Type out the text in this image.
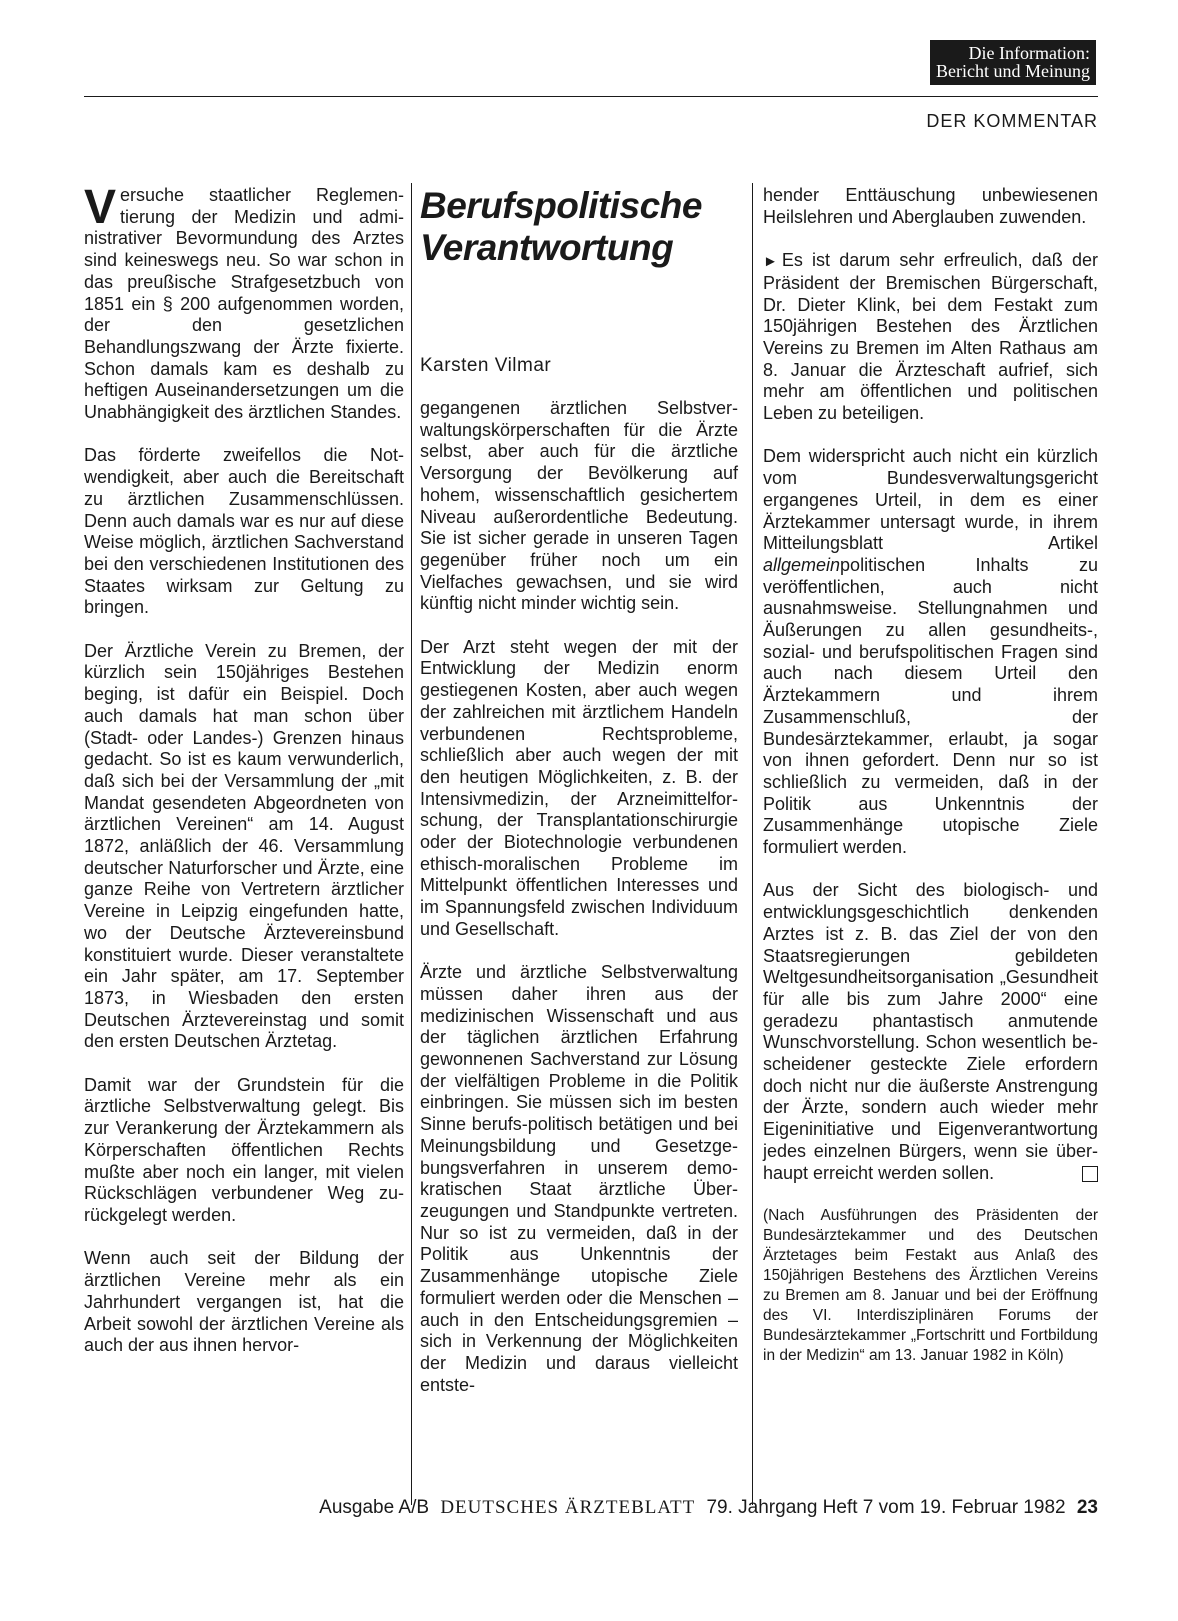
Die Information:
Bericht und Meinung
DER KOMMENTAR

Versuche staatlicher Reglementierung der Medizin und administrativer Bevormundung des Arztes sind keineswegs neu. So war schon in das preußische Strafgesetzbuch von 1851 ein § 200 aufgenommen worden, der den gesetzlichen Behandlungszwang der Ärzte fixierte. Schon damals kam es deshalb zu heftigen Auseinandersetzungen um die Unabhängigkeit des ärztlichen Standes.

Das förderte zweifellos die Notwendigkeit, aber auch die Bereitschaft zu ärztlichen Zusammenschlüssen. Denn auch damals war es nur auf diese Weise möglich, ärztlichen Sachverstand bei den verschiedenen Institutionen des Staates wirksam zur Geltung zu bringen.

Der Ärztliche Verein zu Bremen, der kürzlich sein 150jähriges Bestehen beging, ist dafür ein Beispiel. Doch auch damals hat man schon über (Stadt- oder Landes-) Grenzen hinaus gedacht. So ist es kaum verwunderlich, daß sich bei der Versammlung der „mit Mandat gesendeten Abgeordneten von ärztlichen Vereinen“ am 14. August 1872, anläßlich der 46. Versammlung deutscher Naturforscher und Ärzte, eine ganze Reihe von Vertretern ärztlicher Vereine in Leipzig eingefunden hatte, wo der Deutsche Ärztevereinsbund konstituiert wurde. Dieser veranstaltete ein Jahr später, am 17. September 1873, in Wiesbaden den ersten Deutschen Ärztevereinstag und somit den ersten Deutschen Ärztetag.

Damit war der Grundstein für die ärztliche Selbstverwaltung gelegt. Bis zur Verankerung der Ärztekammern als Körperschaften öffentlichen Rechts mußte aber noch ein langer, mit vielen Rückschlägen verbundener Weg zurückgelegt werden.

Wenn auch seit der Bildung der ärztlichen Vereine mehr als ein Jahrhundert vergangen ist, hat die Arbeit sowohl der ärztlichen Vereine als auch der aus ihnen hervor-

Berufspolitische
Verantwortung
Karsten Vilmar

gegangenen ärztlichen Selbstverwaltungskörperschaften für die Ärzte selbst, aber auch für die ärztliche Versorgung der Bevölkerung auf hohem, wissenschaftlich gesichertem Niveau außerordentliche Bedeutung. Sie ist sicher gerade in unseren Tagen gegenüber früher noch um ein Vielfaches gewachsen, und sie wird künftig nicht minder wichtig sein.

Der Arzt steht wegen der mit der Entwicklung der Medizin enorm gestiegenen Kosten, aber auch wegen der zahlreichen mit ärztlichem Handeln verbundenen Rechtsprobleme, schließlich aber auch wegen der mit den heutigen Möglichkeiten, z. B. der Intensivmedizin, der Arzneimittelforschung, der Transplantationschirurgie oder der Biotechnologie verbundenen ethisch-moralischen Probleme im Mittelpunkt öffentlichen Interesses und im Spannungsfeld zwischen Individuum und Gesellschaft.

Ärzte und ärztliche Selbstverwaltung müssen daher ihren aus der medizinischen Wissenschaft und aus der täglichen ärztlichen Erfahrung gewonnenen Sachverstand zur Lösung der vielfältigen Probleme in die Politik einbringen. Sie müssen sich im besten Sinne berufs-politisch betätigen und bei Meinungsbildung und Gesetzgebungsverfahren in unserem demokratischen Staat ärztliche Überzeugungen und Standpunkte vertreten. Nur so ist zu vermeiden, daß in der Politik aus Unkenntnis der Zusammenhänge utopische Ziele formuliert werden oder die Menschen – auch in den Entscheidungsgremien – sich in Verkennung der Möglichkeiten der Medizin und daraus vielleicht entste-

hender Enttäuschung unbewiesenen Heilslehren und Aberglauben zuwenden.

► Es ist darum sehr erfreulich, daß der Präsident der Bremischen Bürgerschaft, Dr. Dieter Klink, bei dem Festakt zum 150jährigen Bestehen des Ärztlichen Vereins zu Bremen im Alten Rathaus am 8. Januar die Ärzteschaft aufrief, sich mehr am öffentlichen und politischen Leben zu beteiligen.

Dem widerspricht auch nicht ein kürzlich vom Bundesverwaltungsgericht ergangenes Urteil, in dem es einer Ärztekammer untersagt wurde, in ihrem Mitteilungsblatt Artikel allgemeinpolitischen Inhalts zu veröffentlichen, auch nicht ausnahmsweise. Stellungnahmen und Äußerungen zu allen gesundheits-, sozial- und berufspolitischen Fragen sind auch nach diesem Urteil den Ärztekammern und ihrem Zusammenschluß, der Bundesärztekammer, erlaubt, ja sogar von ihnen gefordert. Denn nur so ist schließlich zu vermeiden, daß in der Politik aus Unkenntnis der Zusammenhänge utopische Ziele formuliert werden.

Aus der Sicht des biologisch- und entwicklungsgeschichtlich denkenden Arztes ist z. B. das Ziel der von den Staatsregierungen gebildeten Weltgesundheitsorganisation „Gesundheit für alle bis zum Jahre 2000“ eine geradezu phantastisch anmutende Wunschvorstellung. Schon wesentlich bescheidener gesteckte Ziele erfordern doch nicht nur die äußerste Anstrengung der Ärzte, sondern auch wieder mehr Eigeninitiative und Eigenverantwortung jedes einzelnen Bürgers, wenn sie überhaupt erreicht werden sollen.

(Nach Ausführungen des Präsidenten der Bundesärztekammer und des Deutschen Ärztetages beim Festakt aus Anlaß des 150jährigen Bestehens des Ärztlichen Vereins zu Bremen am 8. Januar und bei der Eröffnung des VI. Interdisziplinären Forums der Bundesärztekammer „Fortschritt und Fortbildung in der Medizin“ am 13. Januar 1982 in Köln)

Ausgabe A/B DEUTSCHES ÄRZTEBLATT 79. Jahrgang Heft 7 vom 19. Februar 1982 23
